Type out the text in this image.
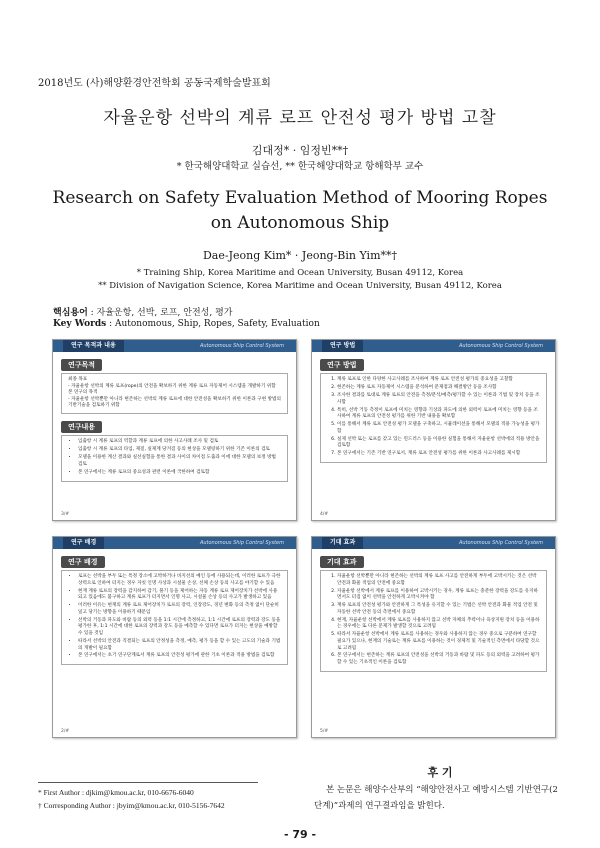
2018년도 (사)해양환경안전학회 공동국제학술발표회
자율운항 선박의 계류 로프 안전성 평가 방법 고찰
김대정* · 임정빈**†
* 한국해양대학교 실습선, ** 한국해양대학교 항해학부 교수
Research on Safety Evaluation Method of Mooring Ropes
on Autonomous Ship
Dae-Jeong Kim* · Jeong-Bin Yim**†
* Training Ship, Korea Maritime and Ocean University, Busan 49112, Korea
** Division of Navigation Science, Korea Maritime and Ocean University, Busan 49112, Korea
핵심용어 : 자율운항, 선박, 로프, 안전성, 평가
Key Words : Autonomous, Ship, Ropes, Safety, Evaluation
연구 목적과 내용	Autonomous Ship Control System
연구목적

최종 목표

- 자율운항 선박의 계류 로프(rope)의 안전을 확보하기 위한 계류 로프 자동제어 시스템을 개발하기 위함

본 연구의 목적

- 자율운항 선박뿐만 아니라 현존하는 선박의 계류 로프에 대한 안전성을 확보하기 위한 이론과 구현 방법의 기반기술을 검토하기 위함

연구내용
• 입출항 시 계류 로프의 역할과 계류 로프에 의한 사고사례 조사 및 검토
• 입출항 시 계류 로프의 타입, 제질, 실제계 당겨짐 등의 현상을 모델링하기 위한 기존 이론의 검토
• 모델을 이용한 계산 결과와 실선실험을 통한 결과 사이의 차이점 도출과 이에 대한 모델의 보정 방법 검토
• 본 연구에서는 계류 로프의 중요성과 관련 이론에 국한하여 검토함
3/#
연구 방법	Autonomous Ship Control System
연구 방법
1. 계류 로프로 인한 다양한 사고사례를 조사하여 계류 로프 안전성 평가의 중요성을 고찰함
2. 현존하는 계류 로프 자동제어 시스템을 분석하여 문제점과 해결방안 등을 조사함
3. 조사한 결과를 토대로 계류 로프의 안전을 측정/분석/예측/평가할 수 있는 이론과 기법 및 장치 등을 조사함
4. 특히, 선박 거동 측정이 로프에 미치는 영향과 기상과 파도에 의한 외력이 로프에 미치는 영향 등을 조사하여 계류 로프의 안전성 평가를 위한 기반 내용을 확보함
5. 이를 통해서 계류 로프 안전성 평가 모델을 구축하고, 시뮬레이션을 통해서 모델의 적용 가능성을 평가함
6. 실제 선박 또는 로프를 갖고 있는 윈드러스 등을 이용한 실험을 통해서 자율운항 선박에의 적용 방안을 검토함
7. 본 연구에서는 기존 기반 연구로서, 계류 로프 안전성 평가를 위한 이론과 사고사례를 제시함
4/#
연구 배경	Autonomous Ship Control System
연구 배경
• 로프는 선박을 부두 또는 특정 장소에 고박하거나 바지선의 예인 등에 사용되는데, 이러한 로프가 극한 상력으로 인하여 터지는 경우 자칫 인명 사상과 시설물 손상, 선체 손상 등의 사고를 야기할 수 있음
• 현재 계류 로프의 장력을 감지하여 감기, 풀기 등을 제어하는 자동 계류 로프 제어장치가 선박에 사용되고 있음에도 불구하고 계류 로프가 터지면서 인명 사고, 시설물 손상 등의 사고가 발생하고 있음
• 이러한 이유는 현재의 계류 로프 제어장치가 로프의 장력, 인장강도, 경년 변화 등의 측정 없이 단순히 일고 당기는 방향을 이용하기 때문임
• 선박의 거동과 파도와 바람 등의 외력 등을 1:1 시간에 측정하고, 1:1 시간에 로프의 장력과 강도 등을 평가한 후, 1:1 시간에 대한 로프의 장력과 강도 등을 예측할 수 있다면 로프가 터지는 현상을 예방할 수 있을 것임
• 따라서 선박의 안전과 직결되는 로프의 안정성을 측정, 예측, 평가 등을 할 수 있는 고도의 기술과 기법의 개발이 필요함
• 본 연구에서는 초기 연구단계로서 계류 로프의 안전성 평가에 관한 기초 이론과 적용 방법을 검토함
2/#
기대 효과	Autonomous Ship Control System
기대 효과
1. 자율운항 선박뿐만 아니라 현존하는 선박의 계류 로프 사고를 안전하게 부두에 고박시키는 것은 선박안전과 화물 적업의 안전에 중요함
2. 자율운항 선박에서 계류 로프를 이용하여 고박시키는 경우, 계류 로프는 충분한 장력을 강도를 유지하면서도 터짐 없이 선박을 안전하게 고박시켜야 함
3. 계류 로프의 안전성 평가와 안전하게 그 특성을 유지할 수 있는 기법은 선박 안전과 화물 적업 안전 및 자동한 선박 안전 등의 측면에서 중요함
4. 현재, 자율운항 선박에서 계류 로프를 사용하지 않고 선박 자체의 추력이나 육상지원 장치 등을 이용하는 경우에는 또 다른 문제가 발생할 것으로 고려됨
5. 따라서 자율운항 선박에서 계류 로프를 사용하는 경우와 사용하지 않는 경우 중으로 구분하여 연구할 필요가 있으나, 현재의 기술로는 계류 로프를 이용하는 것이 경제적 및 기술적인 측면에서 타당할 것으로 고려됨
6. 본 연구에서는 현존하는 계류 로프의 안전성을 선박의 거동과 바람 및 파도 등의 외력을 고려하여 평가할 수 있는 기초적인 이론을 검토함
5/#
* First Author : djkim@kmou.ac.kr, 010-6676-6040
† Corresponding Author : jbyim@kmou.ac.kr, 010-5156-7642
후 기
본 논문은 해양수산부의 “해양안전사고 예방시스템 기반연구(2단계)”과제의 연구결과임을 밝힌다.
- 79 -
